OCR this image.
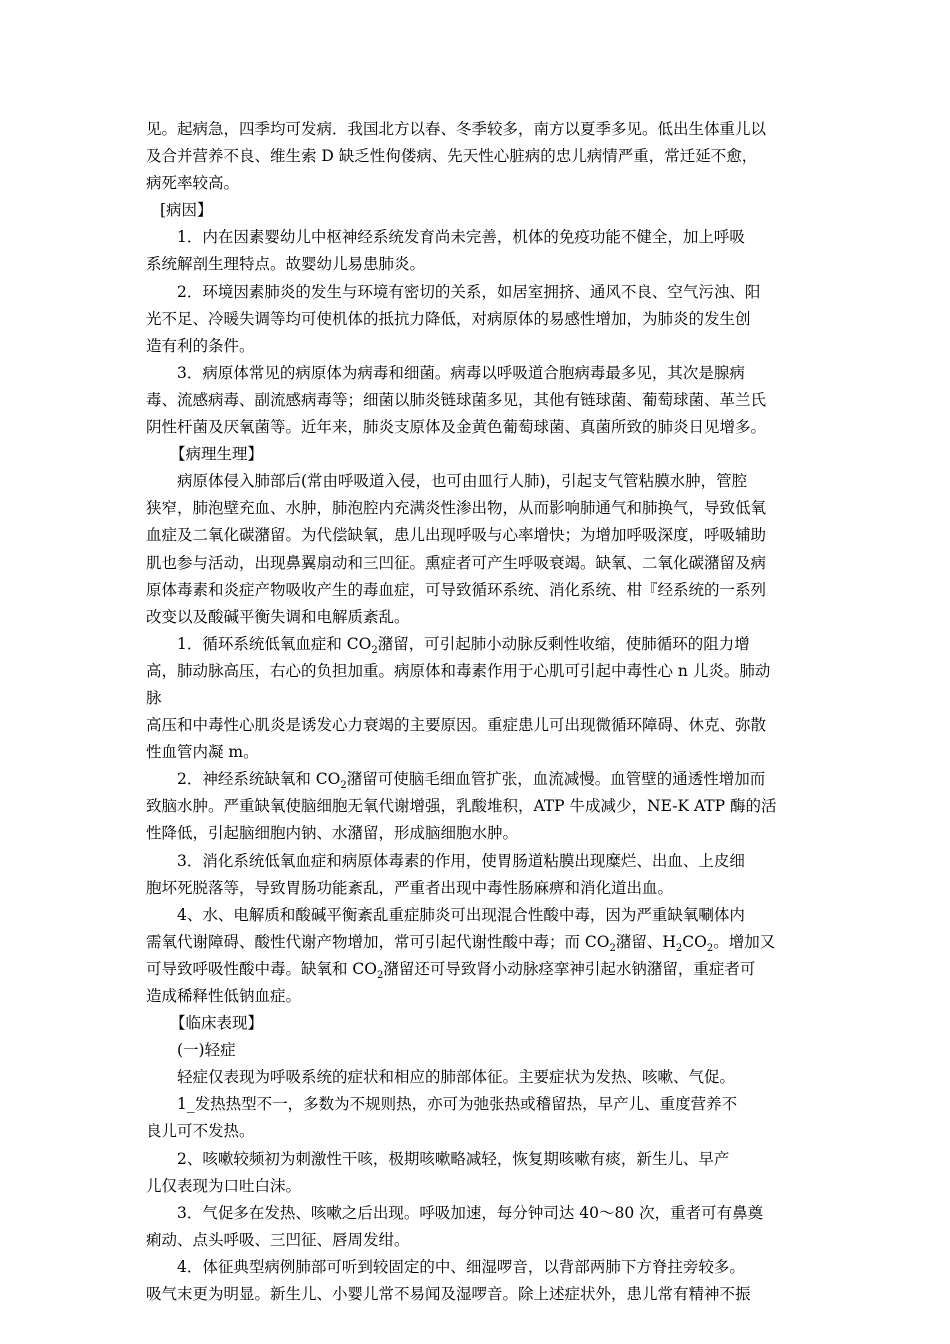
见。起病急，四季均可发病．我国北方以春、冬季较多，南方以夏季多见。低出生体重儿以
及合并营养不良、维生索 D 缺乏性佝偻病、先天性心脏病的忠儿病情严重，常迁延不愈，
病死率较高。
[病因】
1．内在因素婴幼儿中枢神经系统发育尚未完善，机体的免疫功能不健全，加上呼吸
系统解剖生理特点。故婴幼儿易患肺炎。
2．环境因素肺炎的发生与环境有密切的关系，如居室拥挤、通风不良、空气污浊、阳
光不足、冷暖失调等均可使机体的抵抗力降低，对病原体的易感性增加，为肺炎的发生创
造有利的条件。
3．病原体常见的病原体为病毒和细菌。病毒以呼吸道合胞病毒最多见，其次是腺病
毒、流感病毒、副流感病毒等；细菌以肺炎链球菌多见，其他有链球菌、葡萄球菌、革兰氏
阴性杆菌及厌氧菌等。近年来，肺炎支原体及金黄色葡萄球菌、真菌所致的肺炎日见增多。
【病理生理】
病原体侵入肺部后(常由呼吸道入侵，也可由皿行人肺)，引起支气管粘膜水肿，管腔
狭窄，肺泡壁充血、水肿，肺泡腔内充满炎性渗出物，从而影响肺通气和肺换气，导致低氧
血症及二氧化碳潴留。为代偿缺氧，患儿出现呼吸与心率增快；为增加呼吸深度，呼吸辅助
肌也参与活动，出现鼻翼扇动和三凹征。熏症者可产生呼吸衰竭。缺氧、二氧化碳潴留及病
原体毒素和炎症产物吸收产生的毒血症，可导致循环系统、消化系统、柑『经系统的一系列
改变以及酸碱平衡失调和电解质紊乱。
1．循环系统低氧血症和 $CO_2$潴留，可引起肺小动脉反剩性收缩，使肺循环的阻力增
高，肺动脉高压，右心的负担加重。病原体和毒素作用于心肌可引起中毒性心 n 儿炎。肺动
脉
高压和中毒性心肌炎是诱发心力衰竭的主要原因。重症患儿可出现微循环障碍、休克、弥散
性血管内凝 m。
2．神经系统缺氧和 $CO_2$潴留可使脑毛细血管扩张，血流减慢。血管壁的通透性增加而
致脑水肿。严重缺氧使脑细胞无氧代谢增强，乳酸堆积，ATP 牛成减少，NE-K ATP 酶的活
性降低，引起脑细胞内钠、水潴留，形成脑细胞水肿。
3．消化系统低氧血症和病原体毒素的作用，使胃肠道粘膜出现糜烂、出血、上皮细
胞坏死脱落等，导致胃肠功能紊乱，严重者出现中毒性肠麻痹和消化道出血。
4、水、电解质和酸碱平衡紊乱重症肺炎可出现混合性酸中毒，因为严重缺氧唰体内
需氧代谢障碍、酸性代谢产物增加，常可引起代谢性酸中毒；而 $CO_2$潴留、$H_2CO_2$。增加又
可导致呼吸性酸中毒。缺氧和 $CO_2$潴留还可导致肾小动脉痉挛神引起水钠潴留，重症者可
造成稀释性低钠血症。
【临床表现】
(一)轻症
轻症仅表现为呼吸系统的症状和相应的肺部体征。主要症状为发热、咳嗽、气促。
1_发热热型不一，多数为不规则热，亦可为弛张热或稽留热，早产儿、重度营养不
良儿可不发热。
2、咳嗽较频初为刺激性干咳，极期咳嗽略减轻，恢复期咳嗽有痰，新生儿、早产
儿仅表现为口吐白沫。
3．气促多在发热、咳嗽之后出现。呼吸加速，每分钟司达 40～80 次，重者可有鼻奠
痢动、点头呼吸、三凹征、唇周发绀。
4．体征典型病例肺部可听到较固定的中、细湿啰音，以背部两肺下方脊拄旁较多。
吸气末更为明显。新生儿、小婴儿常不易闻及湿啰音。除上述症状外，患儿常有精神不振
